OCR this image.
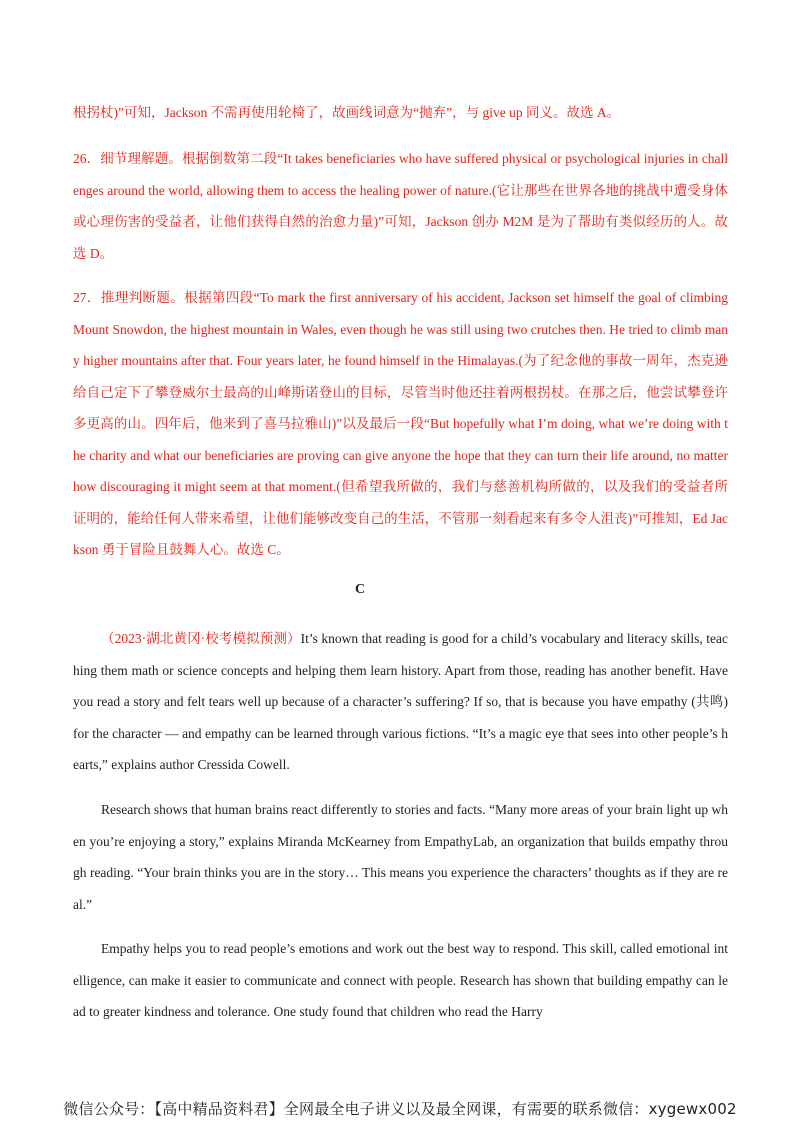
根拐杖)”可知，Jackson 不需再使用轮椅了，故画线词意为“抛弃”，与 give up 同义。故选 A。

26．细节理解题。根据倒数第二段“It takes beneficiaries who have suffered physical or psychological injuries in challenges around the world, allowing them to access the healing power of nature.(它让那些在世界各地的挑战中遭受身体或心理伤害的受益者，让他们获得自然的治愈力量)”可知，Jackson 创办 M2M 是为了帮助有类似经历的人。故选 D。

27．推理判断题。根据第四段“To mark the first anniversary of his accident, Jackson set himself the goal of climbing Mount Snowdon, the highest mountain in Wales, even though he was still using two crutches then. He tried to climb many higher mountains after that. Four years later, he found himself in the Himalayas.(为了纪念他的事故一周年，杰克逊给自己定下了攀登威尔士最高的山峰斯诺登山的目标，尽管当时他还拄着两根拐杖。在那之后，他尝试攀登许多更高的山。四年后，他来到了喜马拉雅山)”以及最后一段“But hopefully what I’m doing, what we’re doing with the charity and what our beneficiaries are proving can give anyone the hope that they can turn their life around, no matter how discouraging it might seem at that moment.(但希望我所做的，我们与慈善机构所做的，以及我们的受益者所证明的，能给任何人带来希望，让他们能够改变自己的生活，不管那一刻看起来有多令人沮丧)”可推知，Ed Jackson 勇于冒险且鼓舞人心。故选 C。

C

（2023·湖北黄冈·校考模拟预测）It’s known that reading is good for a child’s vocabulary and literacy skills, teaching them math or science concepts and helping them learn history. Apart from those, reading has another benefit. Have you read a story and felt tears well up because of a character’s suffering? If so, that is because you have empathy (共鸣) for the character — and empathy can be learned through various fictions. “It’s a magic eye that sees into other people’s hearts,” explains author Cressida Cowell.

Research shows that human brains react differently to stories and facts. “Many more areas of your brain light up when you’re enjoying a story,” explains Miranda McKearney from EmpathyLab, an organization that builds empathy through reading. “Your brain thinks you are in the story… This means you experience the characters’ thoughts as if they are real.”

Empathy helps you to read people’s emotions and work out the best way to respond. This skill, called emotional intelligence, can make it easier to communicate and connect with people. Research has shown that building empathy can lead to greater kindness and tolerance. One study found that children who read the Harry

微信公众号：【高中精品资料君】全网最全电子讲义以及最全网课，有需要的联系微信：xygewx002
